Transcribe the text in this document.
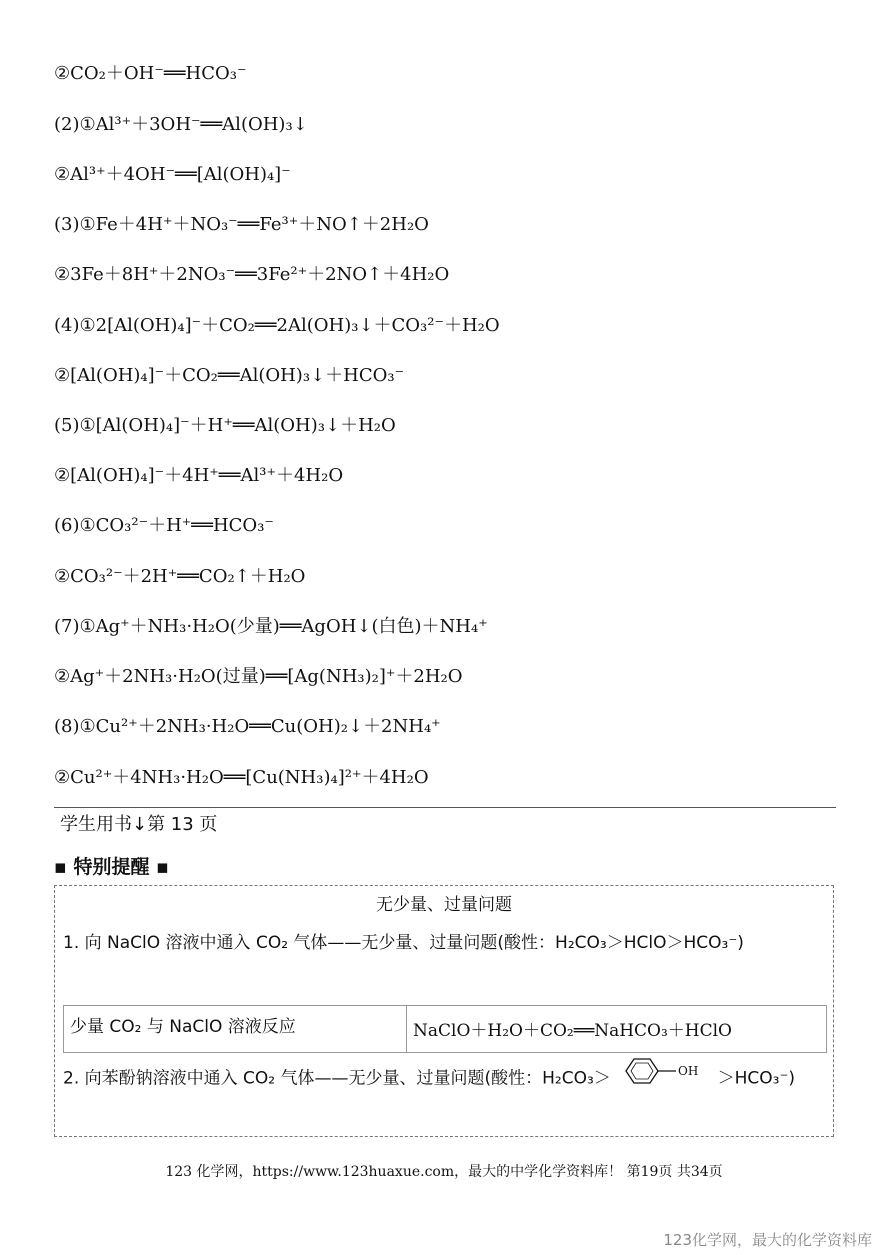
②CO₂＋OH⁻══HCO₃⁻
(2)①Al³⁺＋3OH⁻══Al(OH)₃↓
②Al³⁺＋4OH⁻══[Al(OH)₄]⁻
(3)①Fe＋4H⁺＋NO₃⁻══Fe³⁺＋NO↑＋2H₂O
②3Fe＋8H⁺＋2NO₃⁻══3Fe²⁺＋2NO↑＋4H₂O
(4)①2[Al(OH)₄]⁻＋CO₂══2Al(OH)₃↓＋CO₃²⁻＋H₂O
②[Al(OH)₄]⁻＋CO₂══Al(OH)₃↓＋HCO₃⁻
(5)①[Al(OH)₄]⁻＋H⁺══Al(OH)₃↓＋H₂O
②[Al(OH)₄]⁻＋4H⁺══Al³⁺＋4H₂O
(6)①CO₃²⁻＋H⁺══HCO₃⁻
②CO₃²⁻＋2H⁺══CO₂↑＋H₂O
(7)①Ag⁺＋NH₃·H₂O(少量)══AgOH↓(白色)＋NH₄⁺
②Ag⁺＋2NH₃·H₂O(过量)══[Ag(NH₃)₂]⁺＋2H₂O
(8)①Cu²⁺＋2NH₃·H₂O══Cu(OH)₂↓＋2NH₄⁺
②Cu²⁺＋4NH₃·H₂O══[Cu(NH₃)₄]²⁺＋4H₂O
学生用书↓第 13 页
▪ 特别提醒 ▪
无少量、过量问题
1. 向 NaClO 溶液中通入 CO₂ 气体——无少量、过量问题(酸性：H₂CO₃＞HClO＞HCO₃⁻)
少量 CO₂ 与 NaClO 溶液反应	NaClO＋H₂O＋CO₂══NaHCO₃＋HClO
2. 向苯酚钠溶液中通入 CO₂ 气体——无少量、过量问题(酸性：H₂CO₃＞	OH ＞HCO₃⁻)
123 化学网，https://www.123huaxue.com，最大的中学化学资料库！ 第19页 共34页
123化学网，最大的化学资料库
